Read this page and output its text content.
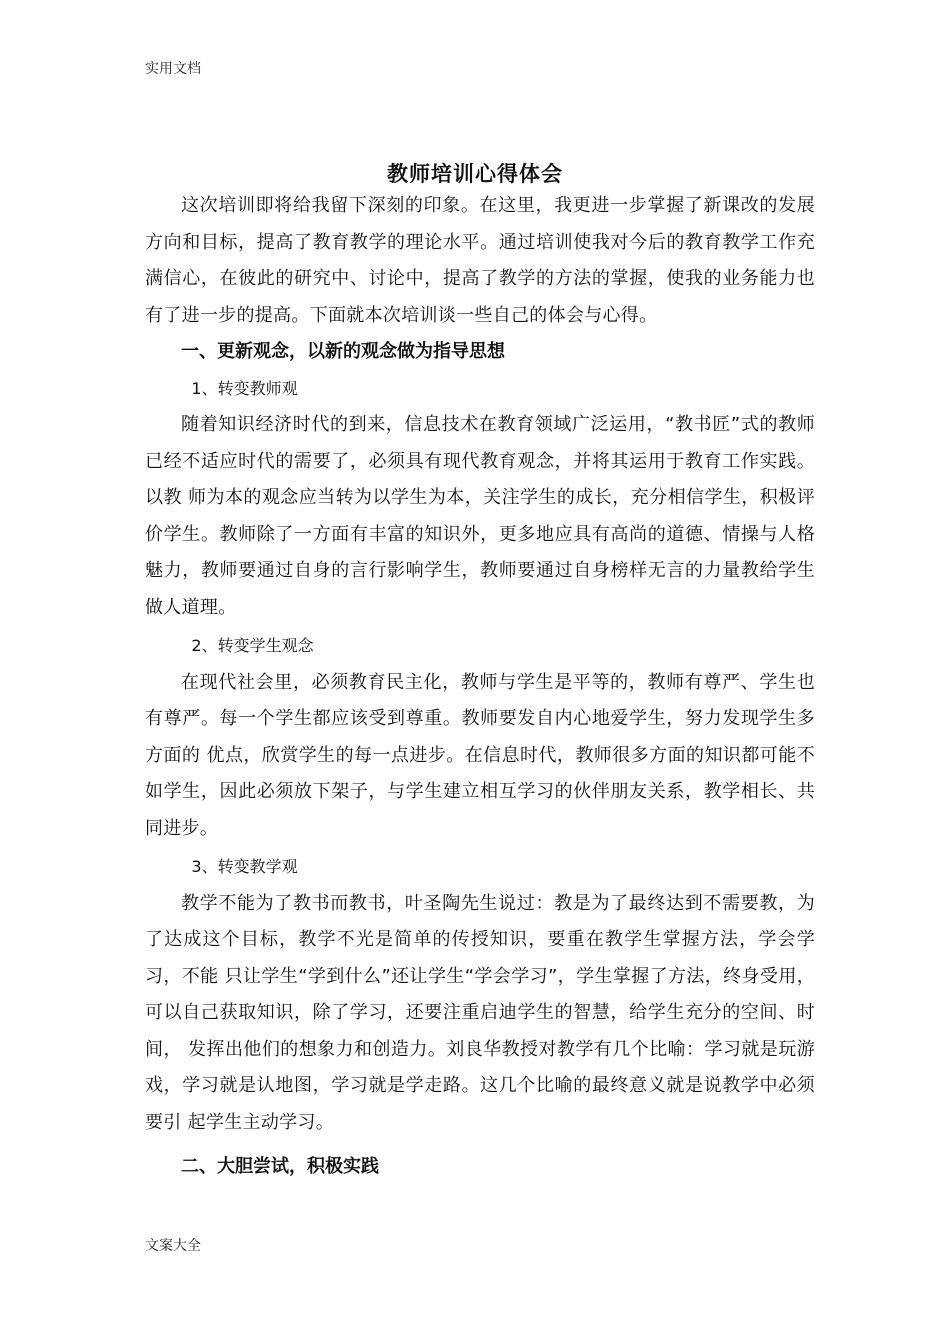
实用文档
教师培训心得体会

这次培训即将给我留下深刻的印象。在这里，我更进一步掌握了新课改的发展方向和目标，提高了教育教学的理论水平。通过培训使我对今后的教育教学工作充满信心，在彼此的研究中、讨论中，提高了教学的方法的掌握，使我的业务能力也有了进一步的提高。下面就本次培训谈一些自己的体会与心得。

一、更新观念，以新的观念做为指导思想

1、转变教师观

随着知识经济时代的到来，信息技术在教育领域广泛运用，“教书匠”式的教师已经不适应时代的需要了，必须具有现代教育观念，并将其运用于教育工作实践。以教 师为本的观念应当转为以学生为本，关注学生的成长，充分相信学生，积极评价学生。教师除了一方面有丰富的知识外，更多地应具有高尚的道德、情操与人格魅力，教师要通过自身的言行影响学生，教师要通过自身榜样无言的力量教给学生做人道理。

2、转变学生观念

在现代社会里，必须教育民主化，教师与学生是平等的，教师有尊严、学生也有尊严。每一个学生都应该受到尊重。教师要发自内心地爱学生，努力发现学生多方面的 优点，欣赏学生的每一点进步。在信息时代，教师很多方面的知识都可能不如学生，因此必须放下架子，与学生建立相互学习的伙伴朋友关系，教学相长、共同进步。

3、转变教学观

教学不能为了教书而教书，叶圣陶先生说过：教是为了最终达到不需要教，为了达成这个目标，教学不光是简单的传授知识，要重在教学生掌握方法，学会学习，不能 只让学生“学到什么”还让学生“学会学习”，学生掌握了方法，终身受用，可以自己获取知识，除了学习，还要注重启迪学生的智慧，给学生充分的空间、时间， 发挥出他们的想象力和创造力。刘良华教授对教学有几个比喻：学习就是玩游戏，学习就是认地图，学习就是学走路。这几个比喻的最终意义就是说教学中必须要引 起学生主动学习。

二、大胆尝试，积极实践

文案大全
